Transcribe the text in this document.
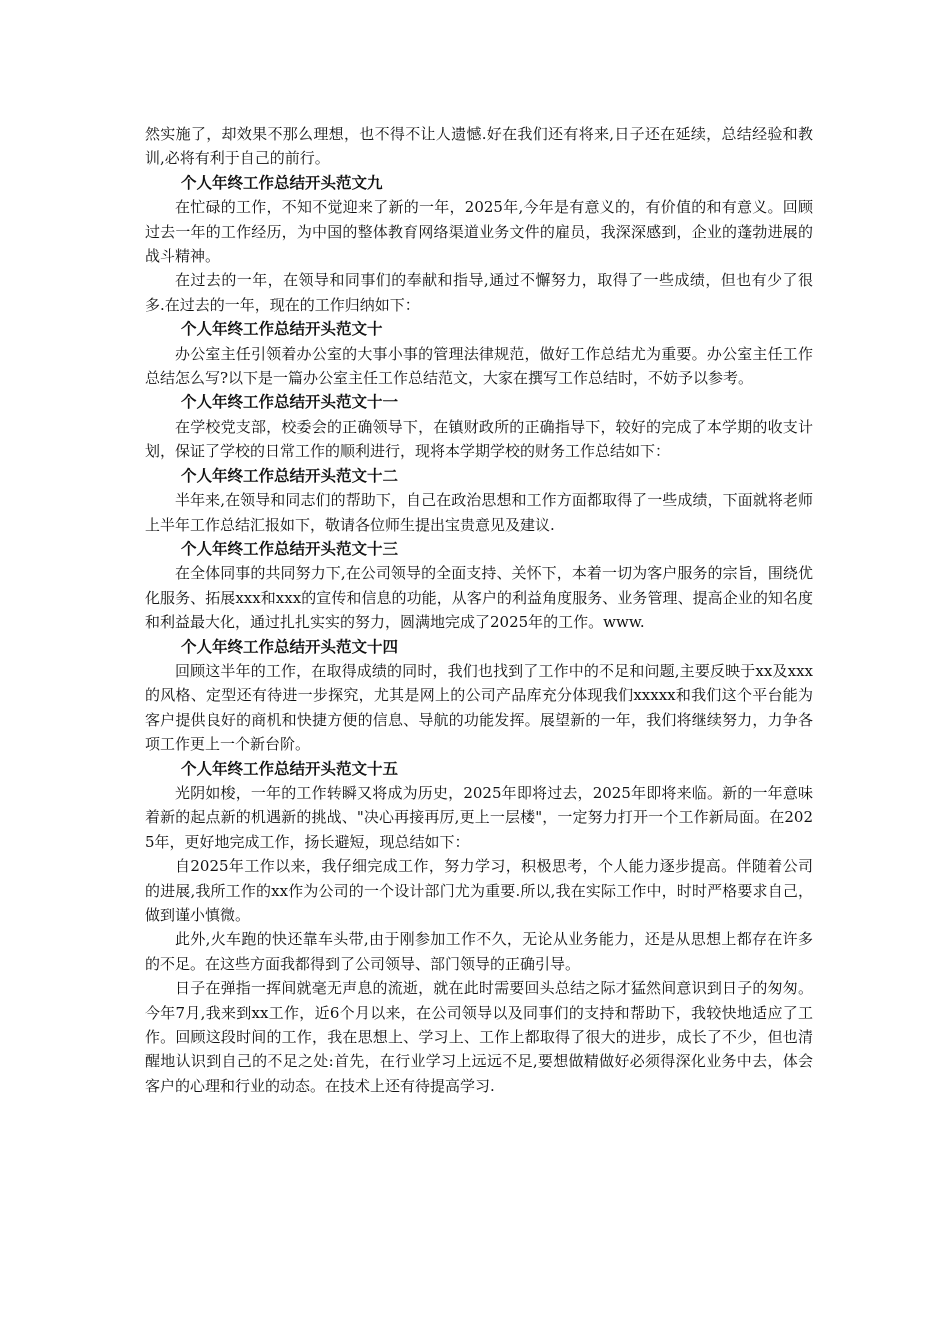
然实施了，却效果不那么理想，也不得不让人遗憾.好在我们还有将来,日子还在延续，总结经验和教训,必将有利于自己的前行。

个人年终工作总结开头范文九

在忙碌的工作，不知不觉迎来了新的一年，2025年,今年是有意义的，有价值的和有意义。回顾过去一年的工作经历，为中国的整体教育网络渠道业务文件的雇员，我深深感到，企业的蓬勃进展的战斗精神。

在过去的一年，在领导和同事们的奉献和指导,通过不懈努力，取得了一些成绩，但也有少了很多.在过去的一年，现在的工作归纳如下：

个人年终工作总结开头范文十

办公室主任引领着办公室的大事小事的管理法律规范，做好工作总结尤为重要。办公室主任工作总结怎么写?以下是一篇办公室主任工作总结范文，大家在撰写工作总结时，不妨予以参考。

个人年终工作总结开头范文十一

在学校党支部，校委会的正确领导下，在镇财政所的正确指导下，较好的完成了本学期的收支计划，保证了学校的日常工作的顺利进行，现将本学期学校的财务工作总结如下：

个人年终工作总结开头范文十二

半年来,在领导和同志们的帮助下，自己在政治思想和工作方面都取得了一些成绩，下面就将老师上半年工作总结汇报如下，敬请各位师生提出宝贵意见及建议.

个人年终工作总结开头范文十三

在全体同事的共同努力下,在公司领导的全面支持、关怀下，本着一切为客户服务的宗旨，围绕优化服务、拓展xxx和xxx的宣传和信息的功能，从客户的利益角度服务、业务管理、提高企业的知名度和利益最大化，通过扎扎实实的努力，圆满地完成了2025年的工作。www.

个人年终工作总结开头范文十四

回顾这半年的工作，在取得成绩的同时，我们也找到了工作中的不足和问题,主要反映于xx及xxx的风格、定型还有待进一步探究，尤其是网上的公司产品库充分体现我们xxxxx和我们这个平台能为客户提供良好的商机和快捷方便的信息、导航的功能发挥。展望新的一年，我们将继续努力，力争各项工作更上一个新台阶。

个人年终工作总结开头范文十五

光阴如梭，一年的工作转瞬又将成为历史，2025年即将过去，2025年即将来临。新的一年意味着新的起点新的机遇新的挑战、"决心再接再厉,更上一层楼"，一定努力打开一个工作新局面。在2025年，更好地完成工作，扬长避短，现总结如下：

自2025年工作以来，我仔细完成工作，努力学习，积极思考，个人能力逐步提高。伴随着公司的进展,我所工作的xx作为公司的一个设计部门尤为重要.所以,我在实际工作中，时时严格要求自己，做到谨小慎微。

此外,火车跑的快还靠车头带,由于刚参加工作不久，无论从业务能力，还是从思想上都存在许多的不足。在这些方面我都得到了公司领导、部门领导的正确引导。

日子在弹指一挥间就毫无声息的流逝，就在此时需要回头总结之际才猛然间意识到日子的匆匆。今年7月,我来到xx工作，近6个月以来，在公司领导以及同事们的支持和帮助下，我较快地适应了工作。回顾这段时间的工作，我在思想上、学习上、工作上都取得了很大的进步，成长了不少，但也清醒地认识到自己的不足之处:首先，在行业学习上远远不足,要想做精做好必须得深化业务中去，体会客户的心理和行业的动态。在技术上还有待提高学习.
